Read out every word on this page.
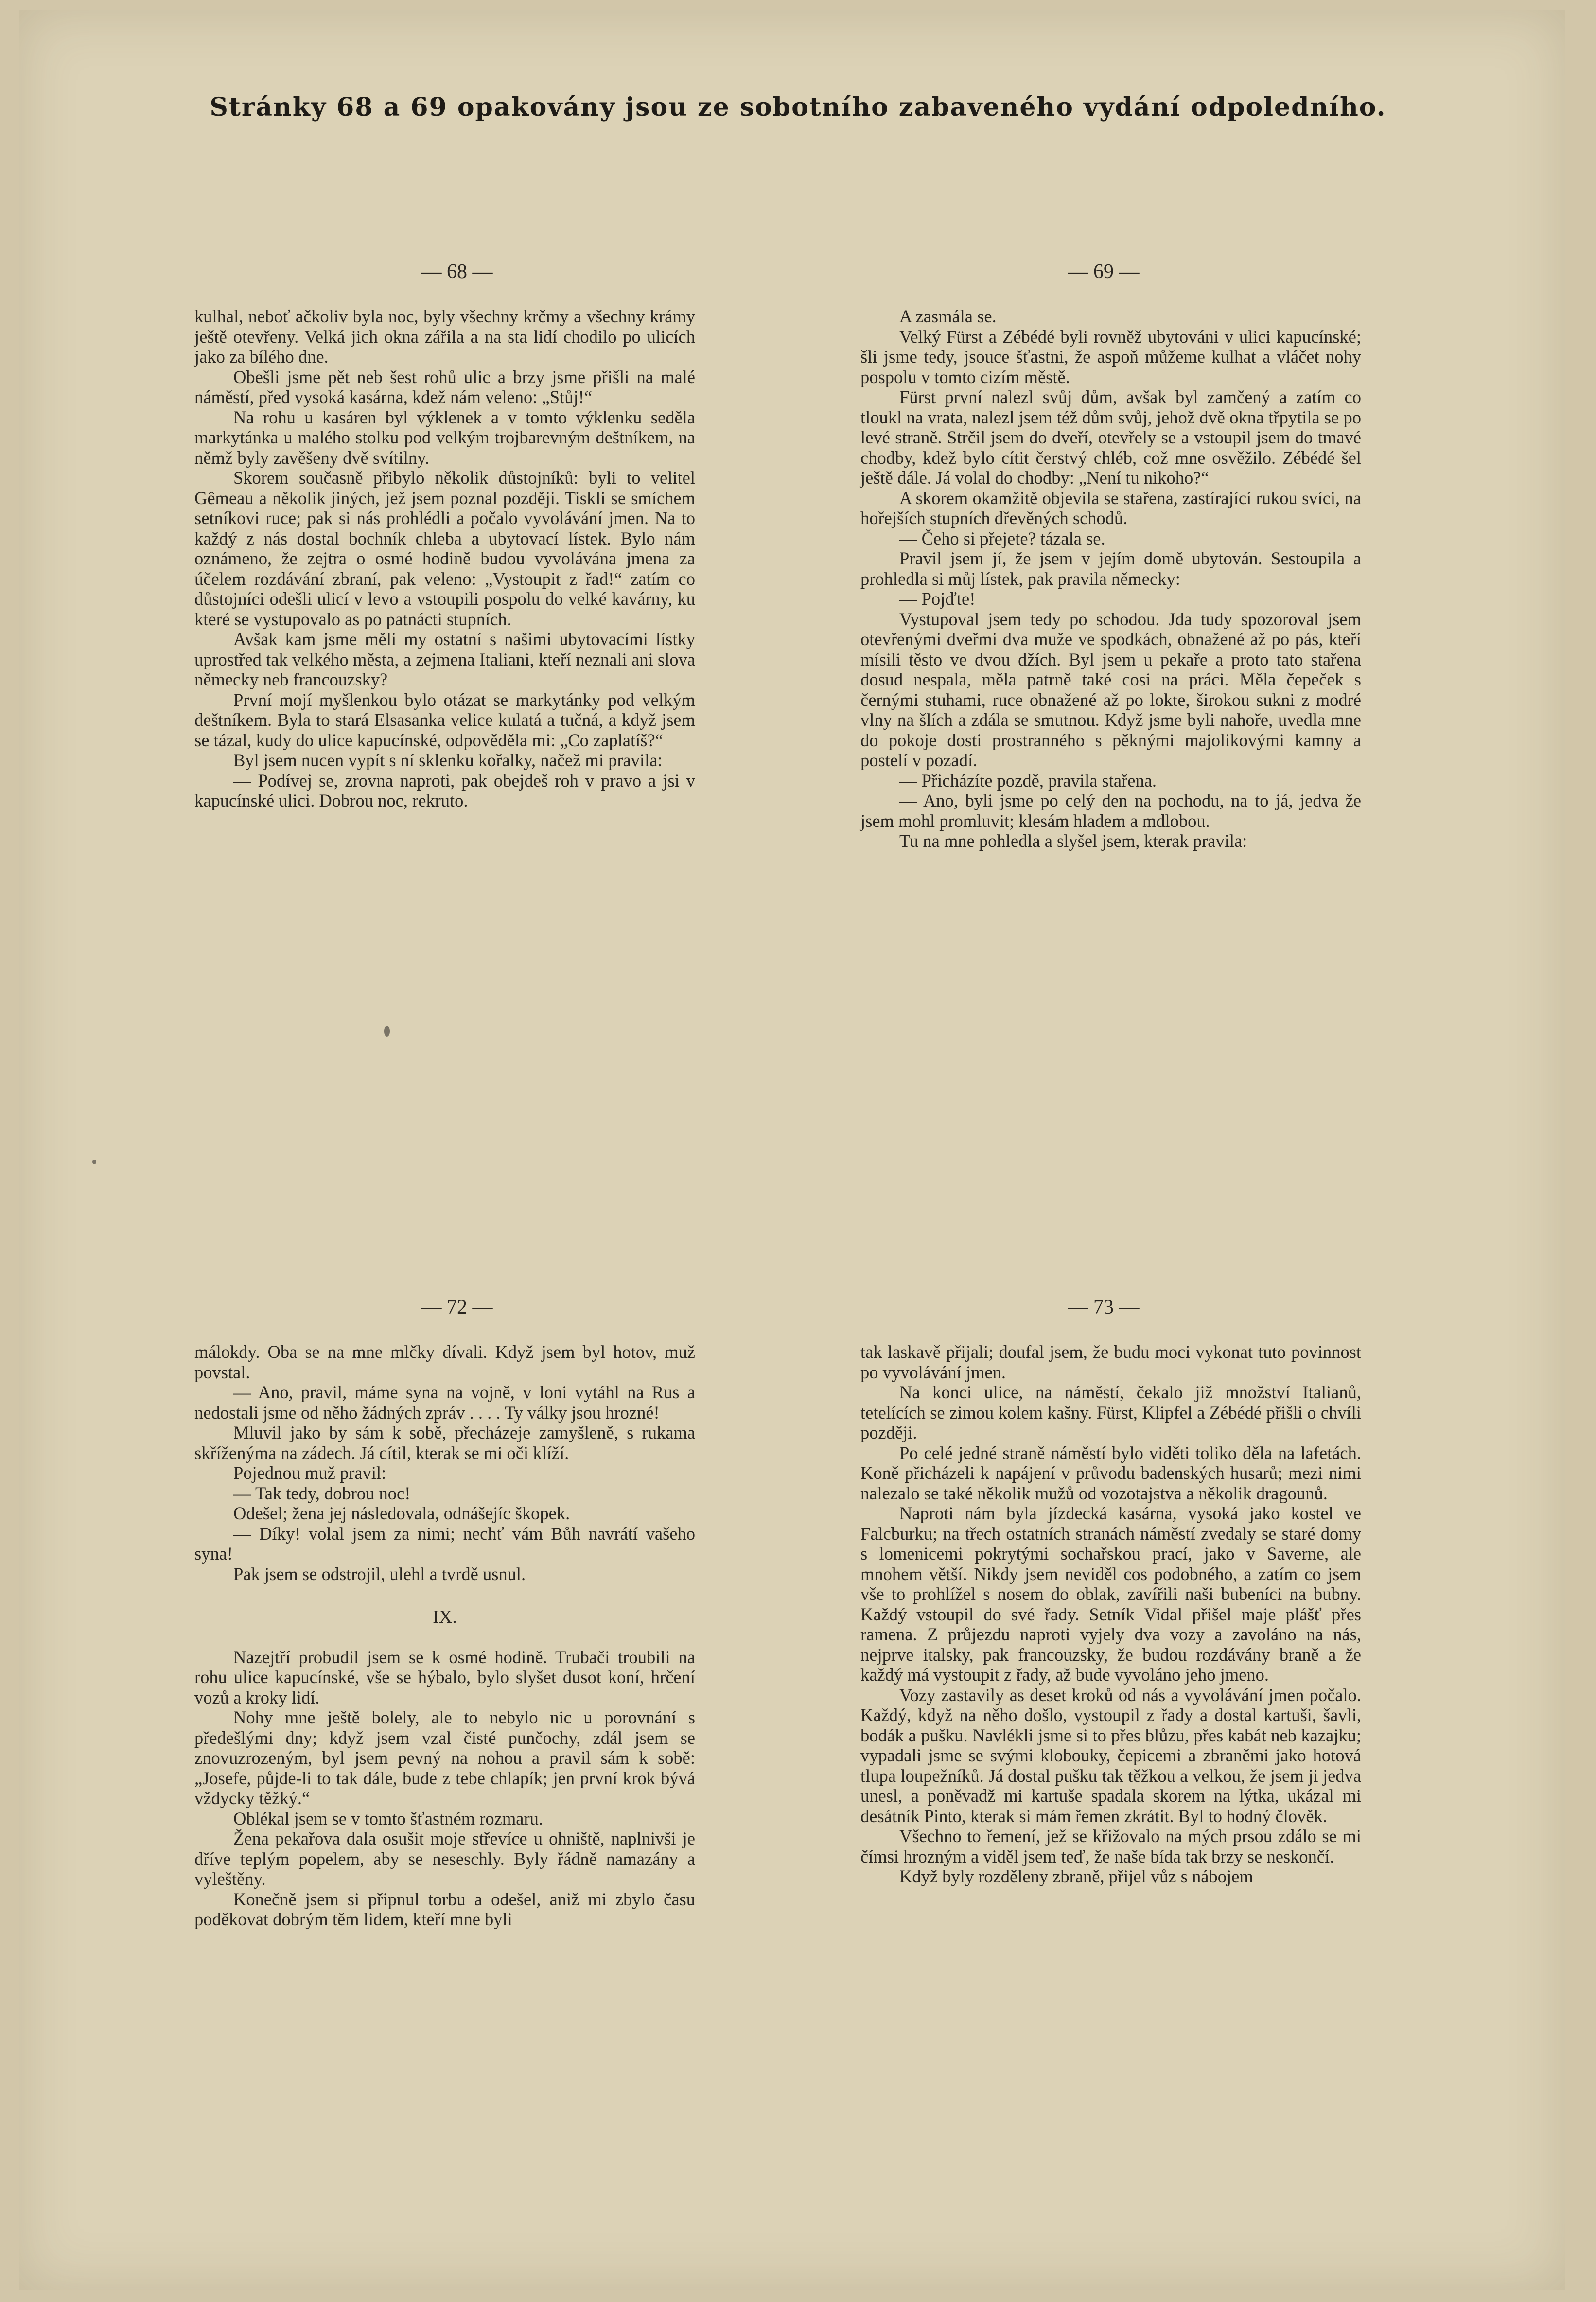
Stránky 68 a 69 opakovány jsou ze sobotního zabaveného vydání odpoledního.
— 68 —

kulhal, neboť ačkoliv byla noc, byly všechny krčmy a všechny krámy ještě otevřeny. Velká jich okna zářila a na sta lidí chodilo po ulicích jako za bílého dne.

Obešli jsme pět neb šest rohů ulic a brzy jsme přišli na malé náměstí, před vysoká kasárna, kdež nám veleno: „Stůj!“

Na rohu u kasáren byl výklenek a v tomto výklenku seděla markytánka u malého stolku pod velkým trojbarevným deštníkem, na němž byly zavěšeny dvě svítilny.

Skorem současně přibylo několik důstojníků: byli to velitel Gêmeau a několik jiných, jež jsem poznal později. Tiskli se smíchem setníkovi ruce; pak si nás prohlédli a počalo vyvolávání jmen. Na to každý z nás dostal bochník chleba a ubytovací lístek. Bylo nám oznámeno, že zejtra o osmé hodině budou vyvolávána jmena za účelem rozdávání zbraní, pak veleno: „Vystoupit z řad!“ zatím co důstojníci odešli ulicí v levo a vstoupili pospolu do velké kavárny, ku které se vystupovalo as po patnácti stupních.

Avšak kam jsme měli my ostatní s našimi ubytovacími lístky uprostřed tak velkého města, a zejmena Italiani, kteří neznali ani slova německy neb francouzsky?

První mojí myšlenkou bylo otázat se markytánky pod velkým deštníkem. Byla to stará Elsasanka velice kulatá a tučná, a když jsem se tázal, kudy do ulice kapucínské, odpověděla mi: „Co zaplatíš?“

Byl jsem nucen vypít s ní sklenku kořalky, načež mi pravila:

— Podívej se, zrovna naproti, pak obejdeš roh v pravo a jsi v kapucínské ulici. Dobrou noc, rekruto.

— 69 —

A zasmála se.

Velký Fürst a Zébédé byli rovněž ubytováni v ulici kapucínské; šli jsme tedy, jsouce šťastni, že aspoň můžeme kulhat a vláčet nohy pospolu v tomto cizím městě.

Fürst první nalezl svůj dům, avšak byl zamčený a zatím co tloukl na vrata, nalezl jsem též dům svůj, jehož dvě okna třpytila se po levé straně. Strčil jsem do dveří, otevřely se a vstoupil jsem do tmavé chodby, kdež bylo cítit čerstvý chléb, což mne osvěžilo. Zébédé šel ještě dále. Já volal do chodby: „Není tu nikoho?“

A skorem okamžitě objevila se stařena, zastírající rukou svíci, na hořejších stupních dřevěných schodů.

— Čeho si přejete? tázala se.

Pravil jsem jí, že jsem v jejím domě ubytován. Sestoupila a prohledla si můj lístek, pak pravila německy:

— Pojďte!

Vystupoval jsem tedy po schodou. Jda tudy spozoroval jsem otevřenými dveřmi dva muže ve spodkách, obnažené až po pás, kteří mísili těsto ve dvou džích. Byl jsem u pekaře a proto tato stařena dosud nespala, měla patrně také cosi na práci. Měla čepeček s černými stuhami, ruce obnažené až po lokte, širokou sukni z modré vlny na šlích a zdála se smutnou. Když jsme byli nahoře, uvedla mne do pokoje dosti prostranného s pěknými majolikovými kamny a postelí v pozadí.

— Přicházíte pozdě, pravila stařena.

— Ano, byli jsme po celý den na pochodu, na to já, jedva že jsem mohl promluvit; klesám hladem a mdlobou.

Tu na mne pohledla a slyšel jsem, kterak pravila:

— 72 —

málokdy. Oba se na mne mlčky dívali. Když jsem byl hotov, muž povstal.

— Ano, pravil, máme syna na vojně, v loni vytáhl na Rus a nedostali jsme od něho žádných zpráv . . . . Ty války jsou hrozné!

Mluvil jako by sám k sobě, přecházeje zamyšleně, s rukama skříženýma na zádech. Já cítil, kterak se mi oči klíží.

Pojednou muž pravil:

— Tak tedy, dobrou noc!

Odešel; žena jej následovala, odnášejíc škopek.

— Díky! volal jsem za nimi; nechť vám Bůh navrátí vašeho syna!

Pak jsem se odstrojil, ulehl a tvrdě usnul.

IX.

Nazejtří probudil jsem se k osmé hodině. Trubači troubili na rohu ulice kapucínské, vše se hýbalo, bylo slyšet dusot koní, hrčení vozů a kroky lidí.

Nohy mne ještě bolely, ale to nebylo nic u porovnání s předešlými dny; když jsem vzal čisté punčochy, zdál jsem se znovuzrozeným, byl jsem pevný na nohou a pravil sám k sobě: „Josefe, půjde-li to tak dále, bude z tebe chlapík; jen první krok bývá vždycky těžký.“

Oblékal jsem se v tomto šťastném rozmaru.

Žena pekařova dala osušit moje střevíce u ohniště, naplnivši je dříve teplým popelem, aby se neseschly. Byly řádně namazány a vyleštěny.

Konečně jsem si připnul torbu a odešel, aniž mi zbylo času poděkovat dobrým těm lidem, kteří mne byli

— 73 —

tak laskavě přijali; doufal jsem, že budu moci vykonat tuto povinnost po vyvolávání jmen.

Na konci ulice, na náměstí, čekalo již množství Italianů, tetelících se zimou kolem kašny. Fürst, Klipfel a Zébédé přišli o chvíli později.

Po celé jedné straně náměstí bylo viděti toliko děla na lafetách. Koně přicházeli k napájení v průvodu badenských husarů; mezi nimi nalezalo se také několik mužů od vozotajstva a několik dragounů.

Naproti nám byla jízdecká kasárna, vysoká jako kostel ve Falcburku; na třech ostatních stranách náměstí zvedaly se staré domy s lomenicemi pokrytými sochařskou prací, jako v Saverne, ale mnohem větší. Nikdy jsem neviděl cos podobného, a zatím co jsem vše to prohlížel s nosem do oblak, zavířili naši bubeníci na bubny. Každý vstoupil do své řady. Setník Vidal přišel maje plášť přes ramena. Z průjezdu naproti vyjely dva vozy a zavoláno na nás, nejprve italsky, pak francouzsky, že budou rozdávány braně a že každý má vystoupit z řady, až bude vyvoláno jeho jmeno.

Vozy zastavily as deset kroků od nás a vyvolávání jmen počalo. Každý, když na něho došlo, vystoupil z řady a dostal kartuši, šavli, bodák a pušku. Navlékli jsme si to přes blůzu, přes kabát neb kazajku; vypadali jsme se svými klobouky, čepicemi a zbraněmi jako hotová tlupa loupežníků. Já dostal pušku tak těžkou a velkou, že jsem ji jedva unesl, a poněvadž mi kartuše spadala skorem na lýtka, ukázal mi desátník Pinto, kterak si mám řemen zkrátit. Byl to hodný člověk.

Všechno to řemení, jež se křižovalo na mých prsou zdálo se mi čímsi hrozným a viděl jsem teď, že naše bída tak brzy se neskončí.

Když byly rozděleny zbraně, přijel vůz s nábojem
